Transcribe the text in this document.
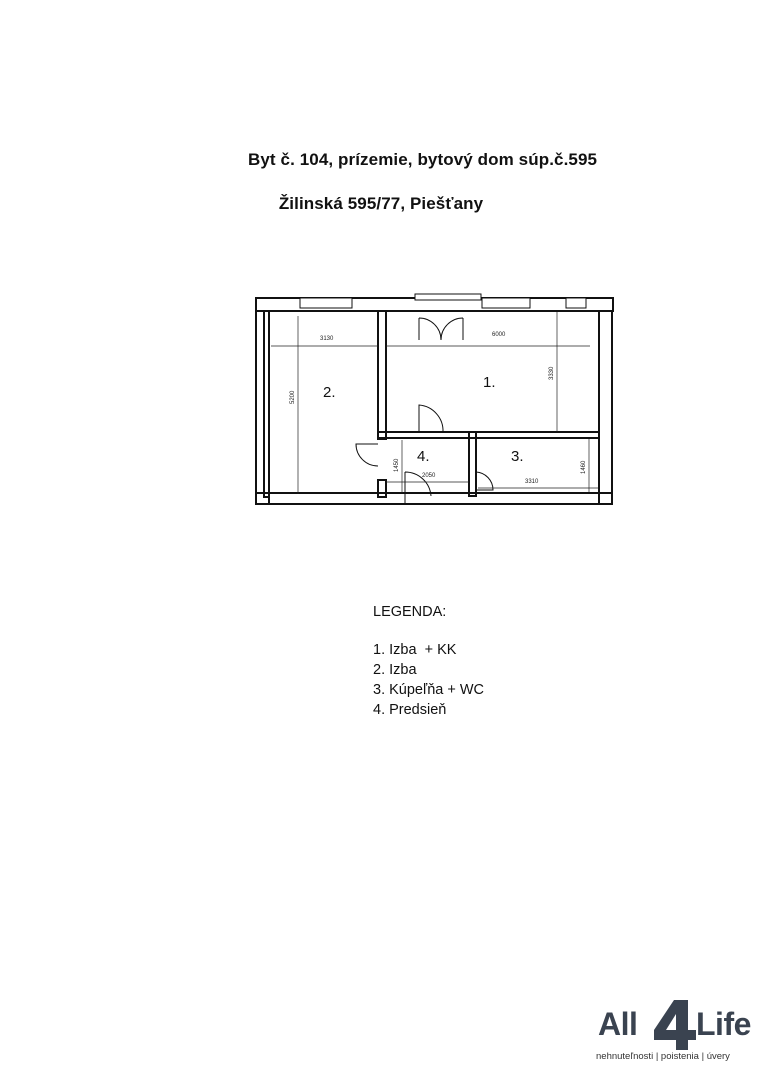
Byt č. 104, prízemie, bytový dom súp.č.595
Žilinská 595/77, Piešťany
3130
6000
5200
3330
1450
2050
3310
1460
1.
2.
3.
4.
LEGENDA:
1. Izba  + KK
2. Izba
3. Kúpeľňa + WC
4. Predsieň
All Life
nehnuteľnosti | poistenia | úvery
